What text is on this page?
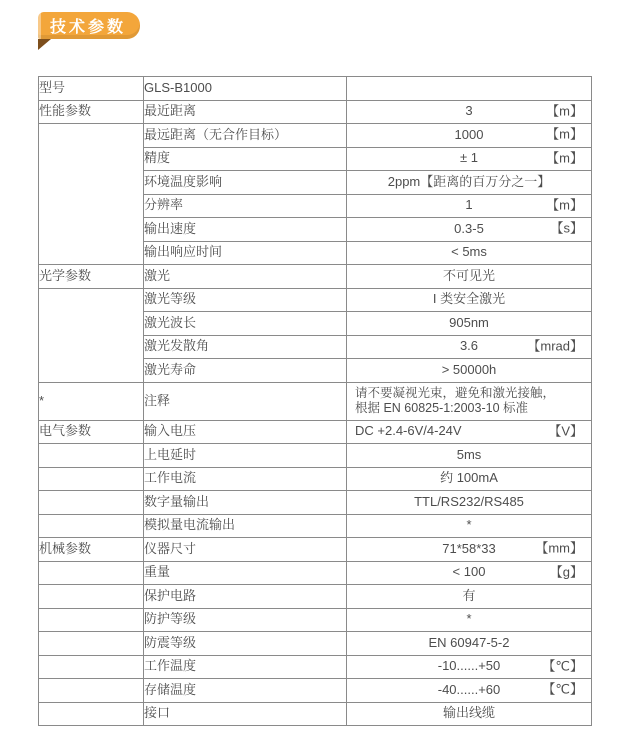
技术参数
型号	GLS-B1000	
性能参数	最近距离	3 【m】

	最远距离（无合作目标）	1000 【m】

	精度	± 1 【m】

	环境温度影响	2ppm【距离的百万分之一】
	分辨率	1 【m】

	输出速度	0.3-5 【s】

	输出响应时间	< 5ms
光学参数	激光	不可见光
	激光等级	I 类安全激光
	激光波长	905nm
	激光发散角	3.6 【mrad】

	激光寿命	> 50000h
*	注释	请不要凝视光束，避免和激光接触，
根据 EN 60825-1:2003-10 标准
电气参数	输入电压	DC +2.4-6V/4-24V 【V】

	上电延时	5ms
	工作电流	约 100mA
	数字量输出	TTL/RS232/RS485
	模拟量电流输出	*
机械参数	仪器尺寸	71*58*33 【mm】

	重量	< 100 【g】

	保护电路	有
	防护等级	*
	防震等级	EN 60947-5-2
	工作温度	-10......+50 【℃】

	存储温度	-40......+60 【℃】

	接口	输出线缆
